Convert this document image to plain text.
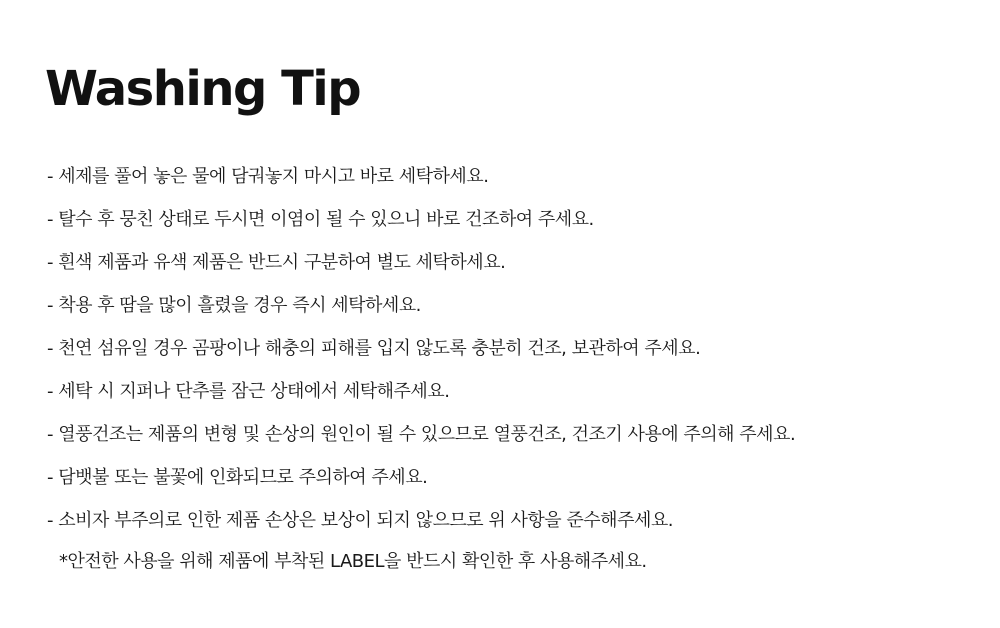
Washing Tip
- 세제를 풀어 놓은 물에 담궈놓지 마시고 바로 세탁하세요.
- 탈수 후 뭉친 상태로 두시면 이염이 될 수 있으니 바로 건조하여 주세요.
- 흰색 제품과 유색 제품은 반드시 구분하여 별도 세탁하세요.
- 착용 후 땀을 많이 흘렸을 경우 즉시 세탁하세요.
- 천연 섬유일 경우 곰팡이나 해충의 피해를 입지 않도록 충분히 건조, 보관하여 주세요.
- 세탁 시 지퍼나 단추를 잠근 상태에서 세탁해주세요.
- 열풍건조는 제품의 변형 및 손상의 원인이 될 수 있으므로 열풍건조, 건조기 사용에 주의해 주세요.
- 담뱃불 또는 불꽃에 인화되므로 주의하여 주세요.
- 소비자 부주의로 인한 제품 손상은 보상이 되지 않으므로 위 사항을 준수해주세요.

*안전한 사용을 위해 제품에 부착된 LABEL을 반드시 확인한 후 사용해주세요.
